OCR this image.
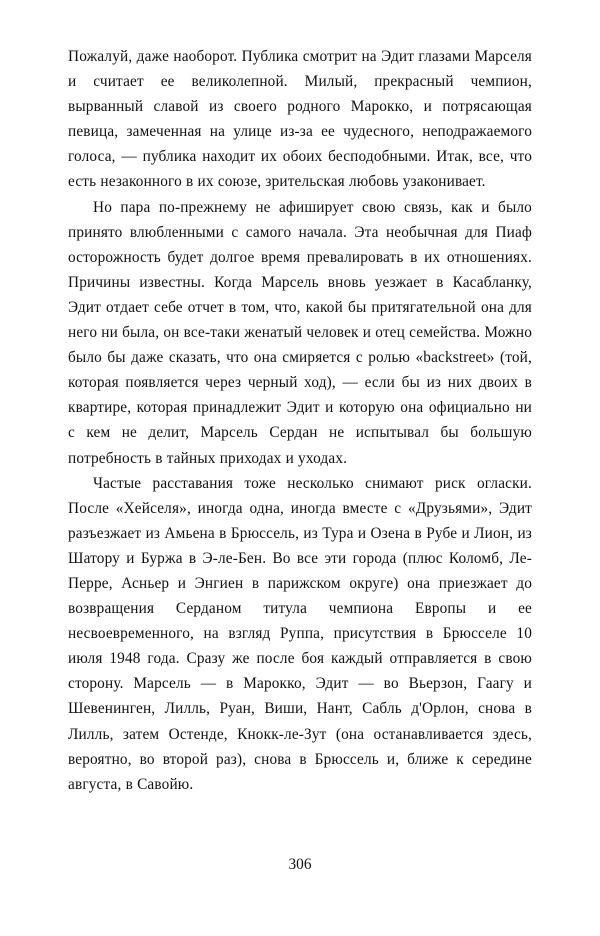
Пожалуй, даже наоборот. Публика смотрит на Эдит глазами Марселя и считает ее великолепной. Милый, прекрасный чемпион, вырванный славой из своего родного Марокко, и потрясающая певица, замеченная на улице из-за ее чудесного, неподражаемого голоса, — публика находит их обоих бесподобными. Итак, все, что есть незаконного в их союзе, зрительская любовь узаконивает.

Но пара по-прежнему не афиширует свою связь, как и было принято влюбленными с самого начала. Эта необычная для Пиаф осторожность будет долгое время превалировать в их отношениях. Причины известны. Когда Марсель вновь уезжает в Касабланку, Эдит отдает себе отчет в том, что, какой бы притягательной она для него ни была, он все-таки женатый человек и отец семейства. Можно было бы даже сказать, что она смиряется с ролью «backstreet» (той, которая появляется через черный ход), — если бы из них двоих в квартире, которая принадлежит Эдит и которую она официально ни с кем не делит, Марсель Сердан не испытывал бы большую потребность в тайных приходах и уходах.

Частые расставания тоже несколько снимают риск огласки. После «Хейселя», иногда одна, иногда вместе с «Друзьями», Эдит разъезжает из Амьена в Брюссель, из Тура и Озена в Рубе и Лион, из Шатору и Буржа в Э-ле-Бен. Во все эти города (плюс Коломб, Ле-Перре, Асньер и Энгиен в парижском округе) она приезжает до возвращения Серданом титула чемпиона Европы и ее несвоевременного, на взгляд Руппа, присутствия в Брюсселе 10 июля 1948 года. Сразу же после боя каждый отправляется в свою сторону. Марсель — в Марокко, Эдит — во Вьерзон, Гаагу и Шевенинген, Лилль, Руан, Виши, Нант, Сабль д'Орлон, снова в Лилль, затем Остенде, Кнокк-ле-Зут (она останавливается здесь, вероятно, во второй раз), снова в Брюссель и, ближе к середине августа, в Савойю.

306
